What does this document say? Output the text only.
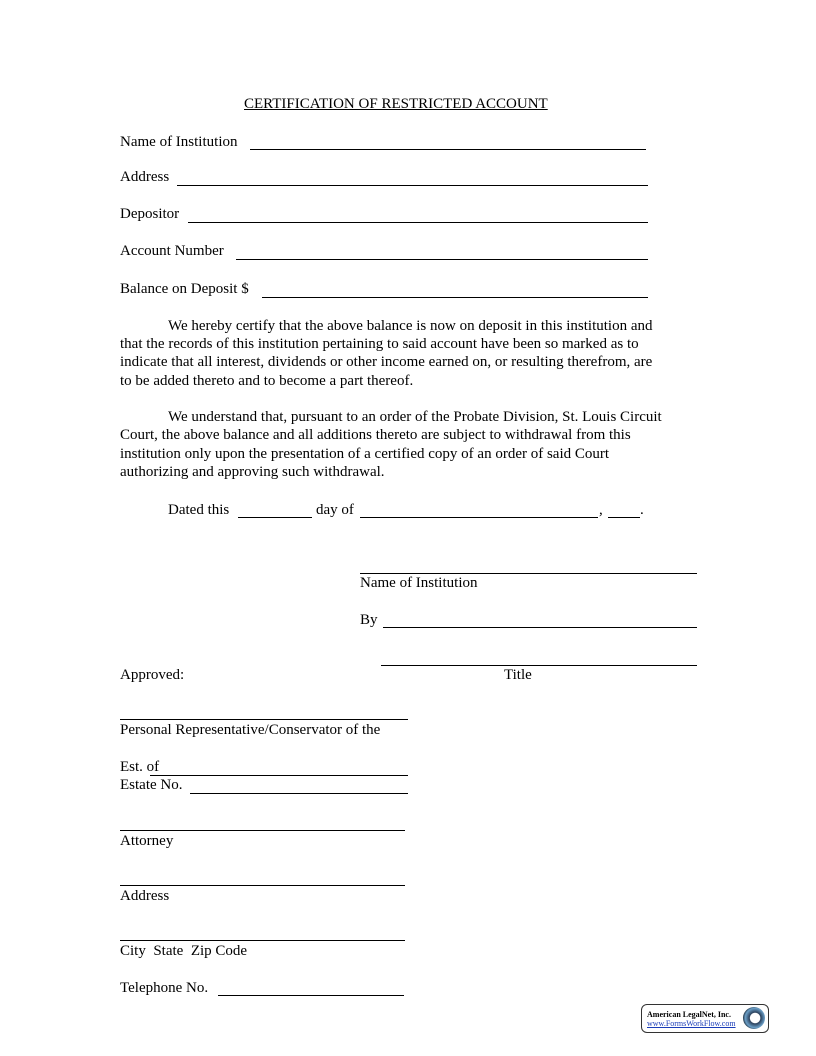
CERTIFICATION OF RESTRICTED ACCOUNT
Name of Institution
Address
Depositor
Account Number
Balance on Deposit $
We hereby certify that the above balance is now on deposit in this institution and
that the records of this institution pertaining to said account have been so marked as to
indicate that all interest, dividends or other income earned on, or resulting therefrom, are
to be added thereto and to become a part thereof.
We understand that, pursuant to an order of the Probate Division, St. Louis Circuit
Court, the above balance and all additions thereto are subject to withdrawal from this
institution only upon the presentation of a certified copy of an order of said Court
authorizing and approving such withdrawal.
Dated this	day of	, .
Name of Institution
By
Title
Approved:
Personal Representative/Conservator of the
Est. of
Estate No.
Attorney
Address
City  State  Zip Code
Telephone No.
American LegalNet, Inc.
www.FormsWorkFlow.com
